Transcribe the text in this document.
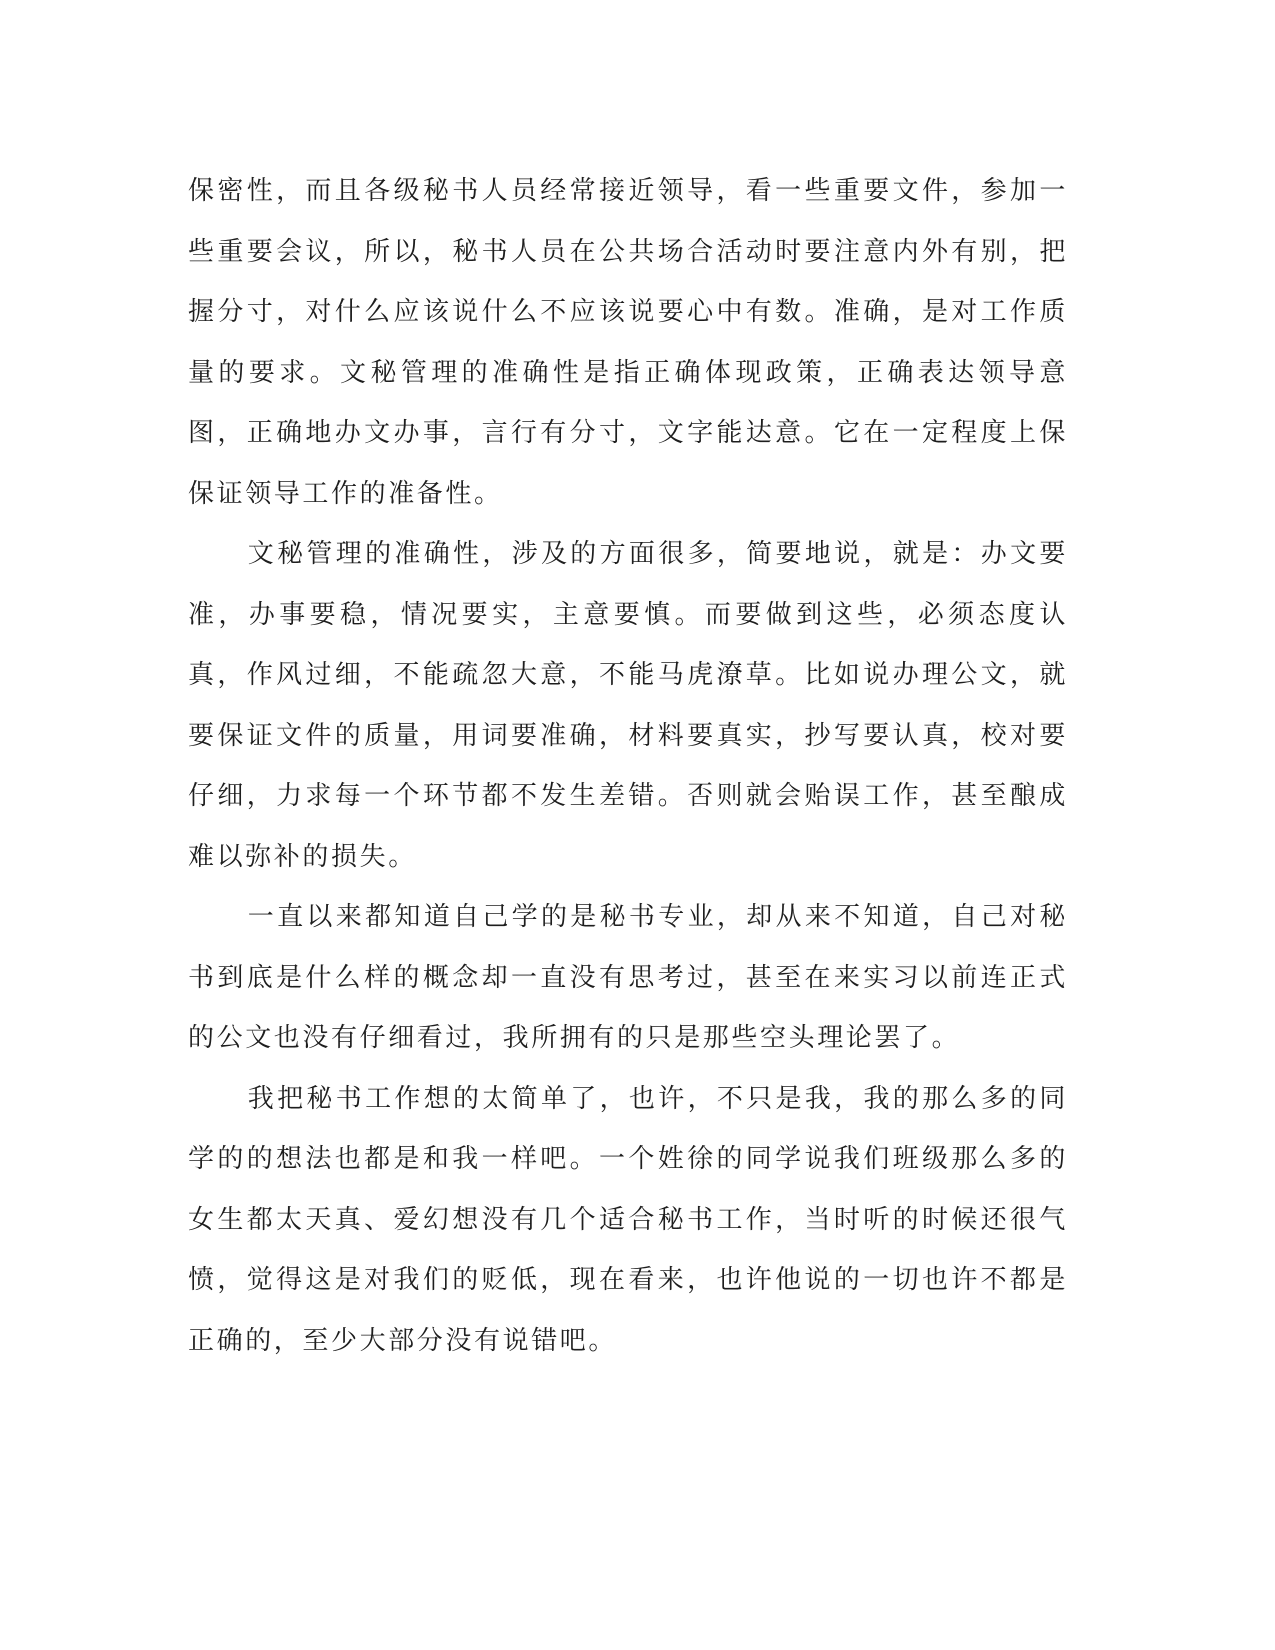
保密性，而且各级秘书人员经常接近领导，看一些重要文件，参加一些重要会议，所以，秘书人员在公共场合活动时要注意内外有别，把握分寸，对什么应该说什么不应该说要心中有数。准确，是对工作质量的要求。文秘管理的准确性是指正确体现政策，正确表达领导意图，正确地办文办事，言行有分寸，文字能达意。它在一定程度上保保证领导工作的准备性。

文秘管理的准确性，涉及的方面很多，简要地说，就是：办文要准，办事要稳，情况要实，主意要慎。而要做到这些，必须态度认真，作风过细，不能疏忽大意，不能马虎潦草。比如说办理公文，就要保证文件的质量，用词要准确，材料要真实，抄写要认真，校对要仔细，力求每一个环节都不发生差错。否则就会贻误工作，甚至酿成难以弥补的损失。

一直以来都知道自己学的是秘书专业，却从来不知道，自己对秘书到底是什么样的概念却一直没有思考过，甚至在来实习以前连正式的公文也没有仔细看过，我所拥有的只是那些空头理论罢了。

我把秘书工作想的太简单了，也许，不只是我，我的那么多的同学的的想法也都是和我一样吧。一个姓徐的同学说我们班级那么多的女生都太天真、爱幻想没有几个适合秘书工作，当时听的时候还很气愤，觉得这是对我们的贬低，现在看来，也许他说的一切也许不都是正确的，至少大部分没有说错吧。
